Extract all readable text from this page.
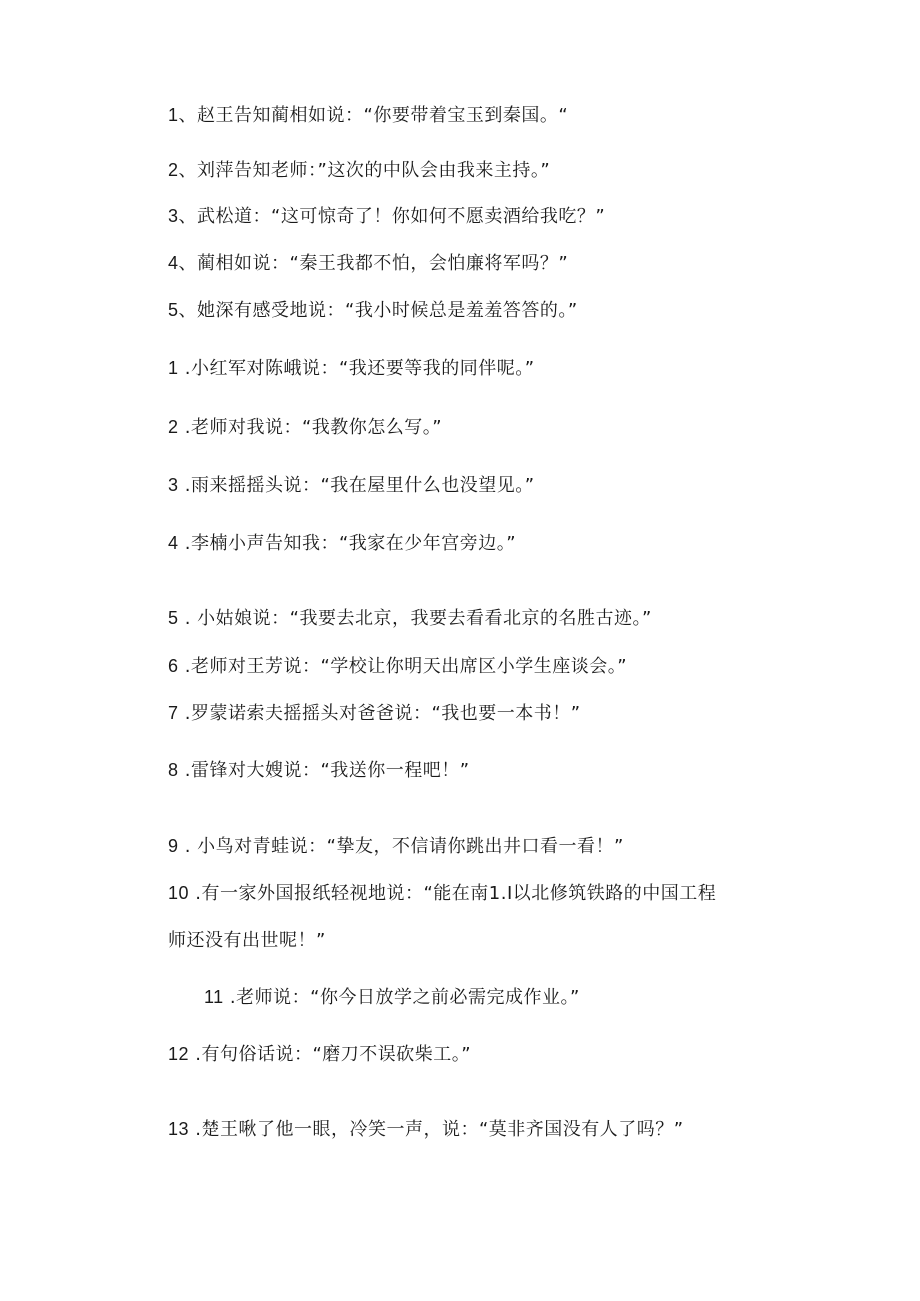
1、赵王告知蔺相如说：“你要带着宝玉到秦国。“
2、刘萍告知老师：”这次的中队会由我来主持。”
3、武松道：“这可惊奇了！你如何不愿卖酒给我吃？”
4、蔺相如说：“秦王我都不怕，会怕廉将军吗？”
5、她深有感受地说：“我小时候总是羞羞答答的。”
1 .小红军对陈峨说：“我还要等我的同伴呢。”
2 .老师对我说：“我教你怎么写。”
3 .雨来摇摇头说：“我在屋里什么也没望见。”
4 .李楠小声告知我：“我家在少年宫旁边。”
5 . 小姑娘说：“我要去北京，我要去看看北京的名胜古迹。”
6 .老师对王芳说：“学校让你明天出席区小学生座谈会。”
7 .罗蒙诺索夫摇摇头对爸爸说：“我也要一本书！”
8 .雷锋对大嫂说：“我送你一程吧！”
9 . 小鸟对青蛙说：“挚友，不信请你跳出井口看一看！”
10 .有一家外国报纸轻视地说：“能在南1.I以北修筑铁路的中国工程
师还没有出世呢！”
11 .老师说：“你今日放学之前必需完成作业。”
12 .有句俗话说：“磨刀不误砍柴工。”
13 .楚王啾了他一眼，冷笑一声，说：“莫非齐国没有人了吗？”
